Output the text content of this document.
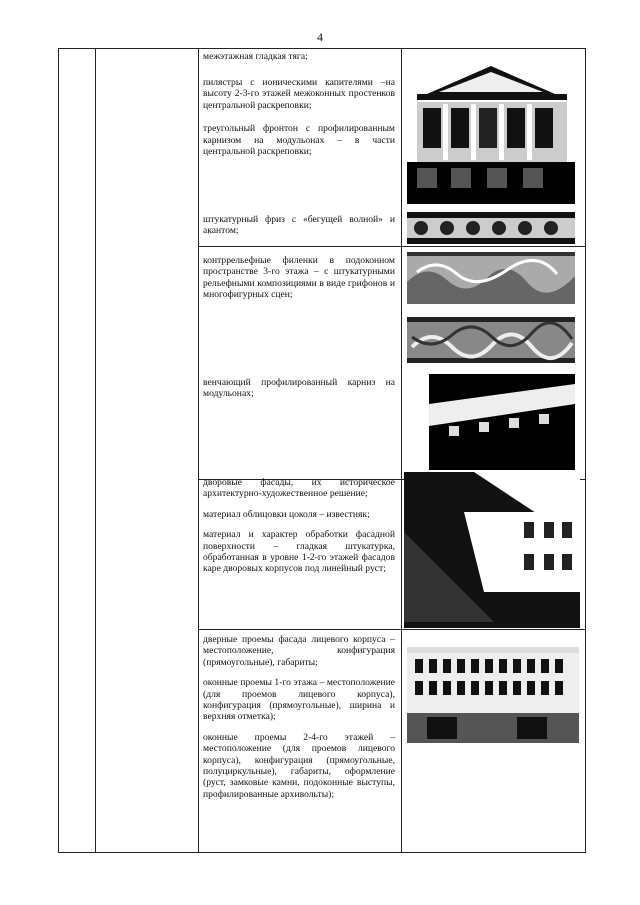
4

межэтажная гладкая тяга;

пилястры с ионическими капителями –на высоту 2-3-го этажей межоконных простенков центральной раскреповки;

треугольный фронтон с профилированным карнизом на модульонах – в части центральной раскреповки;

штукатурный фриз с «бегущей волной» и акантом;

контррельефные филенки в подоконном пространстве 3-го этажа – с штукатурными рельефными композициями в виде грифонов и многофигурных сцен;

венчающий профилированный карниз на модульонах;

дворовые фасады, их историческое архитектурно-художественное решение;

материал облицовки цоколя – известняк;

материал и характер обработки фасадной поверхности – гладкая штукатурка, обработанная в уровне 1-2-го этажей фасадов каре дворовых корпусов под линейный руст;

дверные проемы фасада лицевого корпуса – местоположение, конфигурация (прямоугольные), габариты;

оконные проемы 1-го этажа – местоположение (для проемов лицевого корпуса), конфигурация (прямоугольные), ширина и верхняя отметка);

оконные проемы 2-4-го этажей – местоположение (для проемов лицевого корпуса), конфигурация (прямоугольные, полуциркульные), габариты, оформление (руст, замковые камни, подоконные выступы, профилированные архивольты);
